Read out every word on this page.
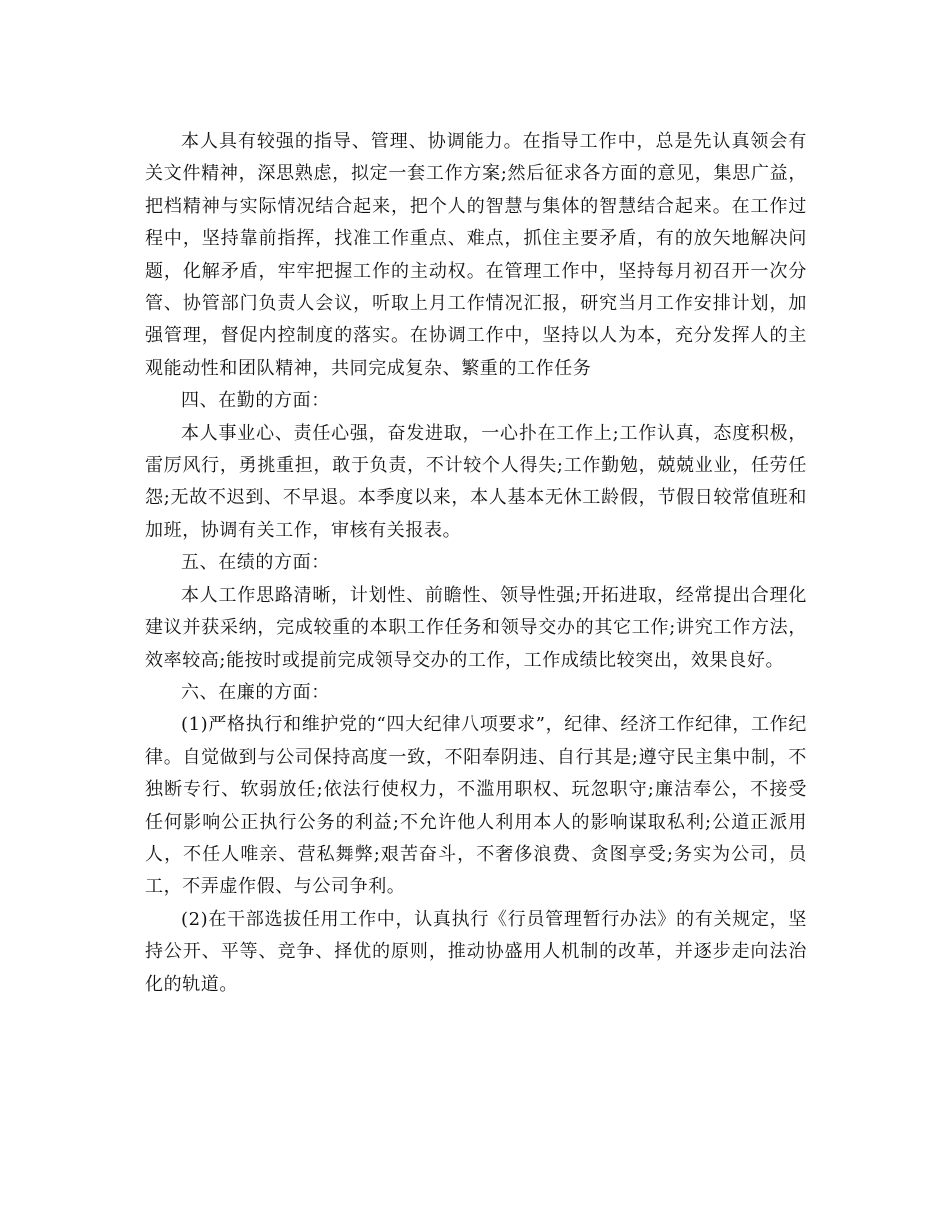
本人具有较强的指导、管理、协调能力。在指导工作中，总是先认真领会有关文件精神，深思熟虑，拟定一套工作方案;然后征求各方面的意见，集思广益，把档精神与实际情况结合起来，把个人的智慧与集体的智慧结合起来。在工作过程中，坚持靠前指挥，找准工作重点、难点，抓住主要矛盾，有的放矢地解决问题，化解矛盾，牢牢把握工作的主动权。在管理工作中，坚持每月初召开一次分管、协管部门负责人会议，听取上月工作情况汇报，研究当月工作安排计划，加强管理，督促内控制度的落实。在协调工作中，坚持以人为本，充分发挥人的主观能动性和团队精神，共同完成复杂、繁重的工作任务

四、在勤的方面：

本人事业心、责任心强，奋发进取，一心扑在工作上;工作认真，态度积极，雷厉风行，勇挑重担，敢于负责，不计较个人得失;工作勤勉，兢兢业业，任劳任怨;无故不迟到、不早退。本季度以来，本人基本无休工龄假，节假日较常值班和加班，协调有关工作，审核有关报表。

五、在绩的方面：

本人工作思路清晰，计划性、前瞻性、领导性强;开拓进取，经常提出合理化建议并获采纳，完成较重的本职工作任务和领导交办的其它工作;讲究工作方法，效率较高;能按时或提前完成领导交办的工作，工作成绩比较突出，效果良好。

六、在廉的方面：

(1)严格执行和维护党的“四大纪律八项要求”，纪律、经济工作纪律，工作纪律。自觉做到与公司保持高度一致，不阳奉阴违、自行其是;遵守民主集中制，不独断专行、软弱放任;依法行使权力，不滥用职权、玩忽职守;廉洁奉公，不接受任何影响公正执行公务的利益;不允许他人利用本人的影响谋取私利;公道正派用人，不任人唯亲、营私舞弊;艰苦奋斗，不奢侈浪费、贪图享受;务实为公司，员工，不弄虚作假、与公司争利。

(2)在干部选拔任用工作中，认真执行《行员管理暂行办法》的有关规定，坚持公开、平等、竞争、择优的原则，推动协盛用人机制的改革，并逐步走向法治化的轨道。
